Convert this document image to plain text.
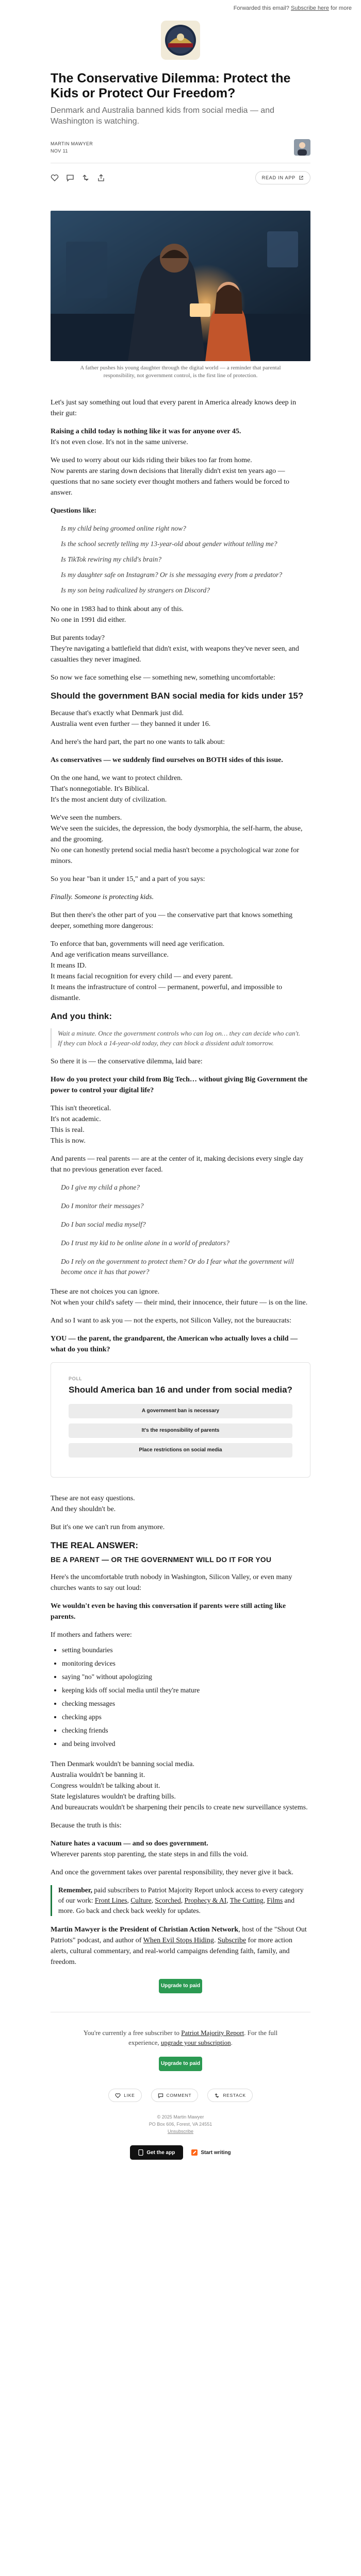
Forwarded this email? Subscribe here for more
The Conservative Dilemma: Protect the Kids or Protect Our Freedom?
Denmark and Australia banned kids from social media — and Washington is watching.
MARTIN MAWYER
NOV 11
READ IN APP
A father pushes his young daughter through the digital world — a reminder that parental responsibility, not government control, is the first line of protection.

Let's just say something out loud that every parent in America already knows deep in their gut:

Raising a child today is nothing like it was for anyone over 45.
It's not even close. It's not in the same universe.
We used to worry about our kids riding their bikes too far from home.
Now parents are staring down decisions that literally didn't exist ten years ago — questions that no sane society ever thought mothers and fathers would be forced to answer.

Questions like:

Is my child being groomed online right now?
Is the school secretly telling my 13-year-old about gender without telling me?
Is TikTok rewiring my child's brain?
Is my daughter safe on Instagram? Or is she messaging every from a predator?
Is my son being radicalized by strangers on Discord?
No one in 1983 had to think about any of this.
No one in 1991 did either.
But parents today?
They're navigating a battlefield that didn't exist, with weapons they've never seen, and casualties they never imagined.

So now we face something else — something new, something uncomfortable:

Should the government BAN social media for kids under 15?
Because that's exactly what Denmark just did.
Australia went even further — they banned it under 16.

And here's the hard part, the part no one wants to talk about:

As conservatives — we suddenly find ourselves on BOTH sides of this issue.

On the one hand, we want to protect children.
That's nonnegotiable. It's Biblical.
It's the most ancient duty of civilization.
We've seen the numbers.
We've seen the suicides, the depression, the body dysmorphia, the self-harm, the abuse, and the grooming.
No one can honestly pretend social media hasn't become a psychological war zone for minors.

So you hear "ban it under 15," and a part of you says:

Finally. Someone is protecting kids.

But then there's the other part of you — the conservative part that knows something deeper, something more dangerous:

To enforce that ban, governments will need age verification.
And age verification means surveillance.
It means ID.
It means facial recognition for every child — and every parent.
It means the infrastructure of control — permanent, powerful, and impossible to dismantle.
And you think:
Wait a minute. Once the government controls who can log on… they can decide who can't.
If they can block a 14-year-old today, they can block a dissident adult tomorrow.

So there it is — the conservative dilemma, laid bare:

How do you protect your child from Big Tech… without giving Big Government the power to control your digital life?

This isn't theoretical.
It's not academic.
This is real.
This is now.

And parents — real parents — are at the center of it, making decisions every single day that no previous generation ever faced.

Do I give my child a phone?
Do I monitor their messages?
Do I ban social media myself?
Do I trust my kid to be online alone in a world of predators?
Do I rely on the government to protect them? Or do I fear what the government will become once it has that power?
These are not choices you can ignore.
Not when your child's safety — their mind, their innocence, their future — is on the line.

And so I want to ask you — not the experts, not Silicon Valley, not the bureaucrats:

YOU — the parent, the grandparent, the American who actually loves a child — what do you think?

POLL
Should America ban 16 and under from social media?
A government ban is necessary
It's the responsibility of parents
Place restrictions on social media
These are not easy questions.
And they shouldn't be.

But it's one we can't run from anymore.

THE REAL ANSWER:
BE A PARENT — OR THE GOVERNMENT WILL DO IT FOR YOU

Here's the uncomfortable truth nobody in Washington, Silicon Valley, or even many churches wants to say out loud:

We wouldn't even be having this conversation if parents were still acting like parents.

If mothers and fathers were:

• setting boundaries
• monitoring devices
• saying "no" without apologizing
• keeping kids off social media until they're mature
• checking messages
• checking apps
• checking friends
• and being involved
Then Denmark wouldn't be banning social media.
Australia wouldn't be banning it.
Congress wouldn't be talking about it.
State legislatures wouldn't be drafting bills.
And bureaucrats wouldn't be sharpening their pencils to create new surveillance systems.

Because the truth is this:

Nature hates a vacuum — and so does government.
Wherever parents stop parenting, the state steps in and fills the void.

And once the government takes over parental responsibility, they never give it back.

Remember, paid subscribers to Patriot Majority Report unlock access to every category of our work: Front Lines, Culture, Scorched, Prophecy & AI, The Cutting, Films and more. Go back and check back weekly for updates.

Martin Mawyer is the President of Christian Action Network, host of the "Shout Out Patriots" podcast, and author of When Evil Stops Hiding. Subscribe for more action alerts, cultural commentary, and real-world campaigns defending faith, family, and freedom.

Upgrade to paid
You're currently a free subscriber to Patriot Majority Report. For the full experience, upgrade your subscription.
Upgrade to paid
LIKE	COMMENT	RESTACK
© 2025 Martin Mawyer
PO Box 606, Forest, VA 24551
Unsubscribe
Get the app	Start writing
